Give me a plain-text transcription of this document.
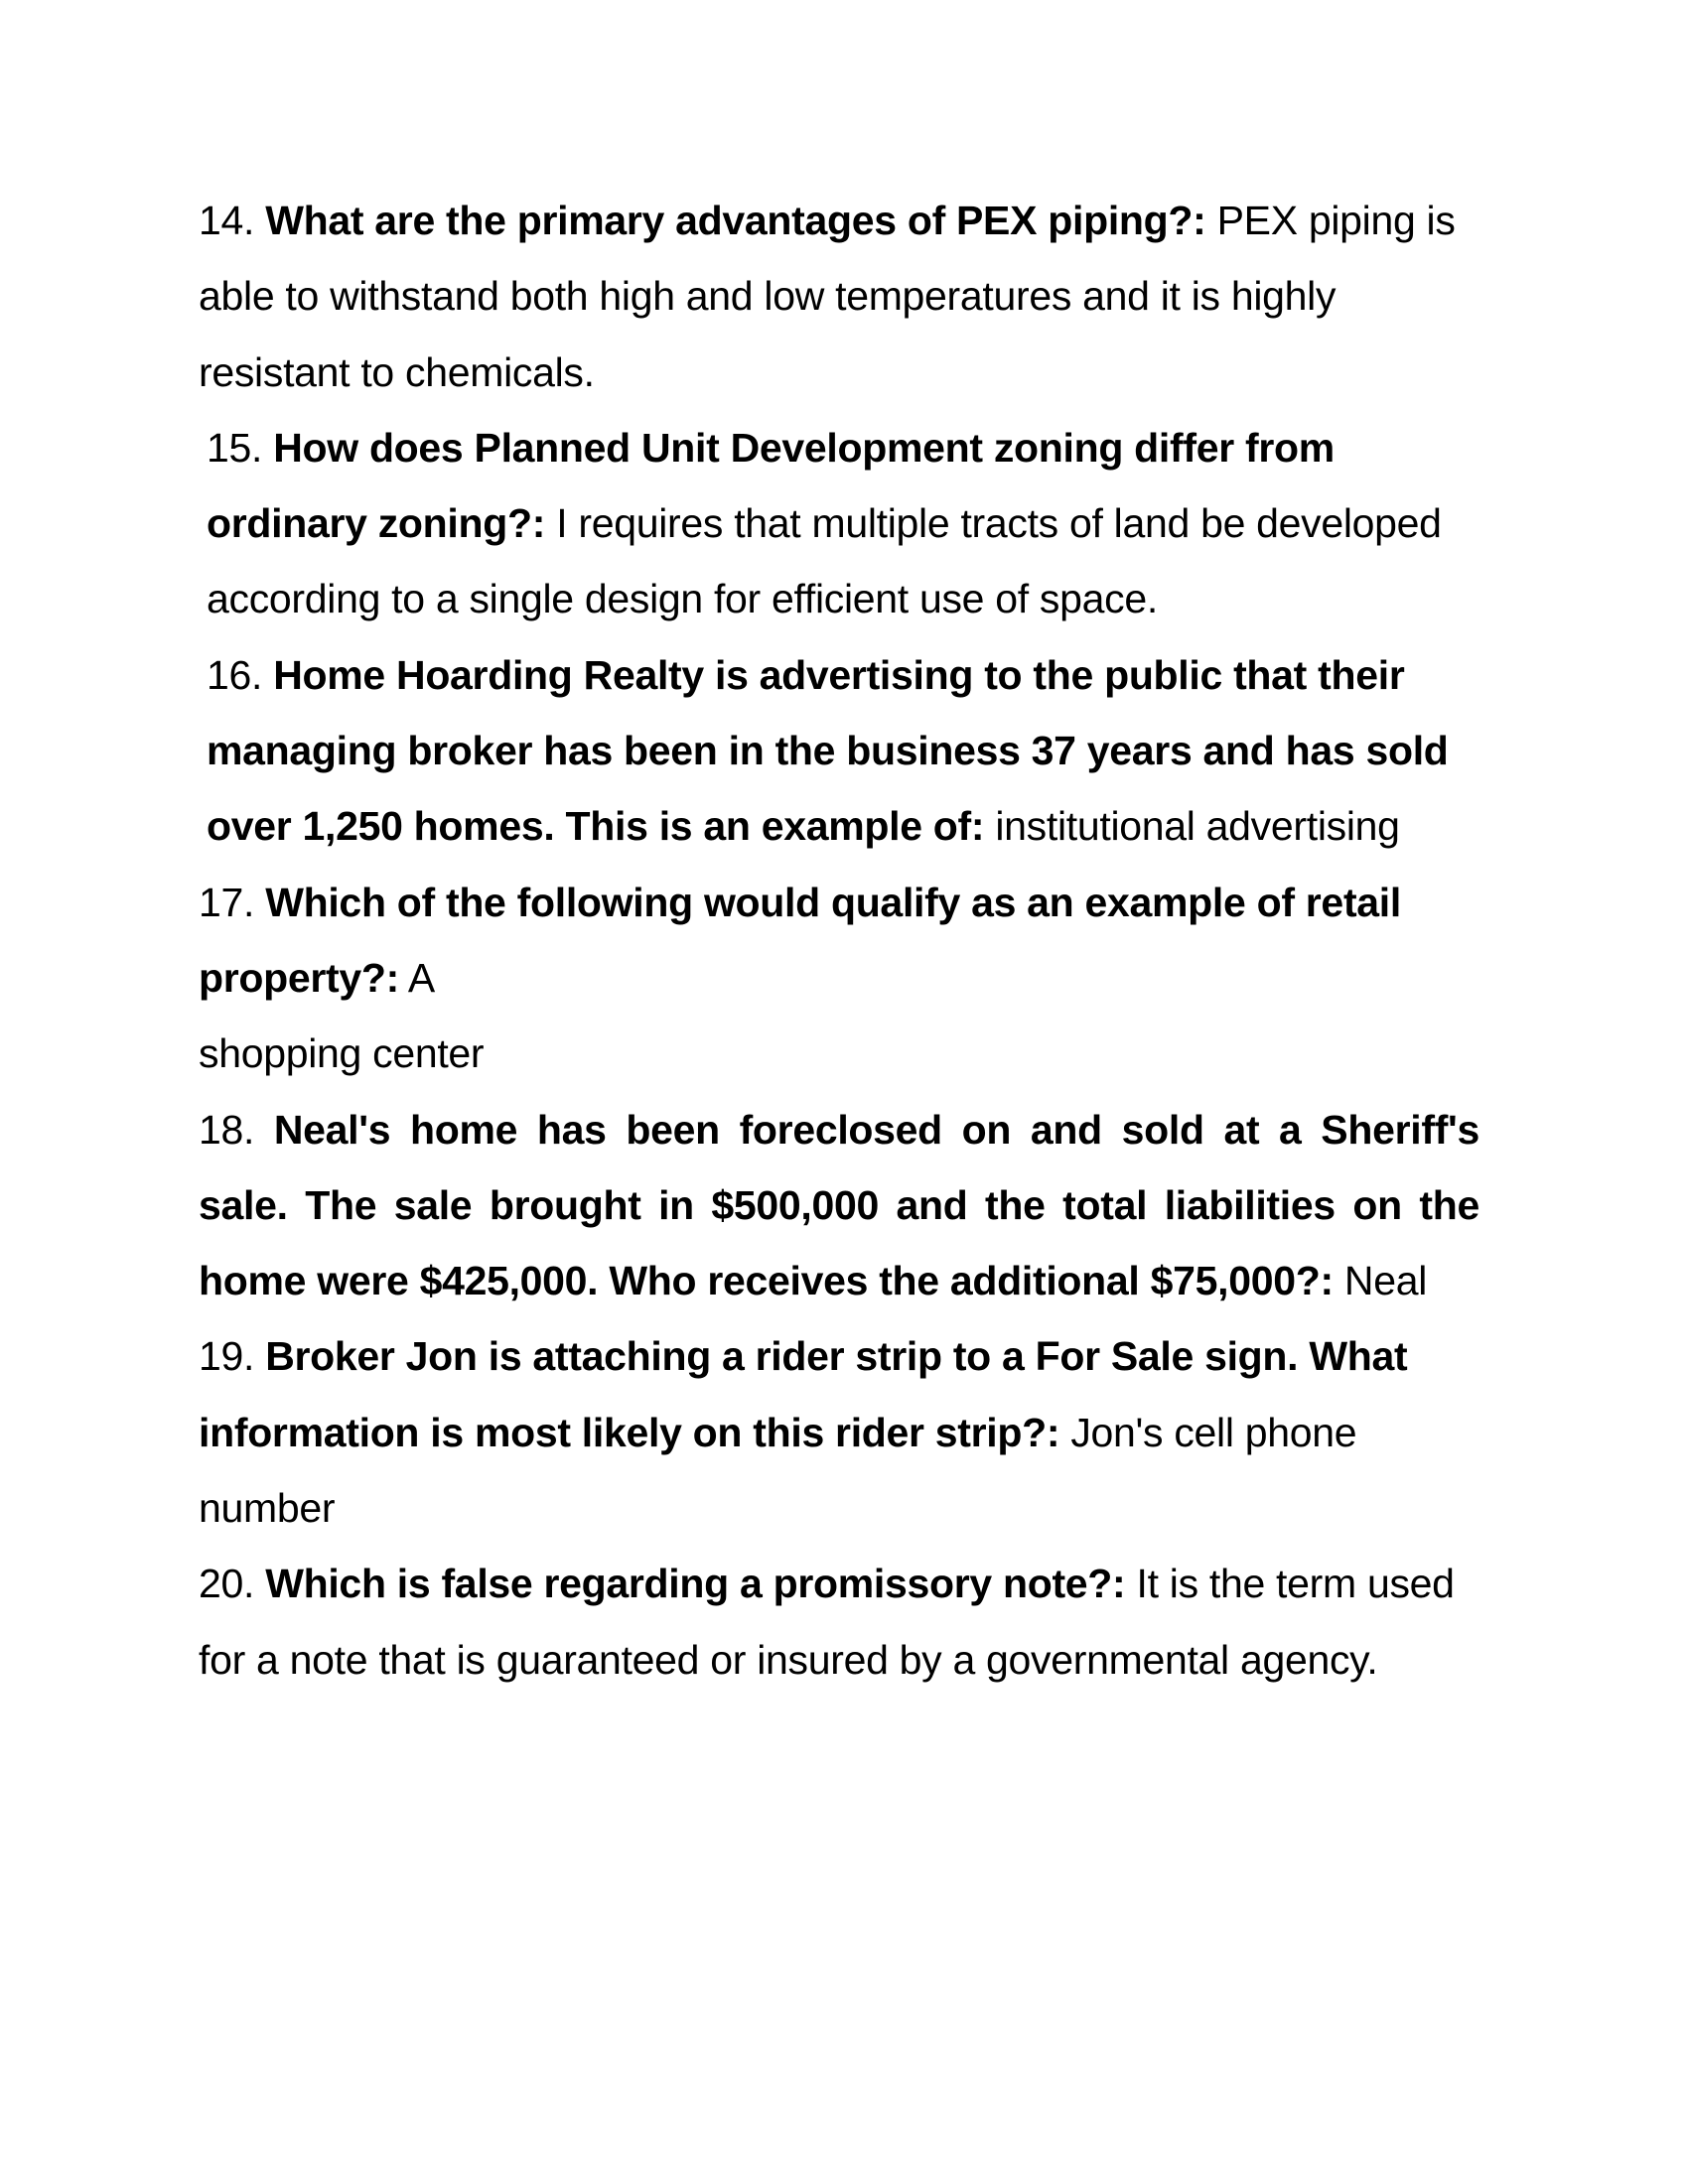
14. What are the primary advantages of PEX piping?: PEX piping is able to withstand both high and low temperatures and it is highly resistant to chemicals.

15. How does Planned Unit Development zoning differ from ordinary zoning?: I requires that multiple tracts of land be developed according to a single design for efficient use of space.

16. Home Hoarding Realty is advertising to the public that their managing broker has been in the business 37 years and has sold over 1,250 homes. This is an example of: institutional advertising

17. Which of the following would qualify as an example of retail property?: A
shopping center

18. Neal's home has been foreclosed on and sold at a Sheriff's sale. The sale brought in $500,000 and the total liabilities on the home were $425,000. Who receives the additional $75,000?: Neal

19. Broker Jon is attaching a rider strip to a For Sale sign. What information is most likely on this rider strip?: Jon's cell phone number

20. Which is false regarding a promissory note?: It is the term used for a note that is guaranteed or insured by a governmental agency.
